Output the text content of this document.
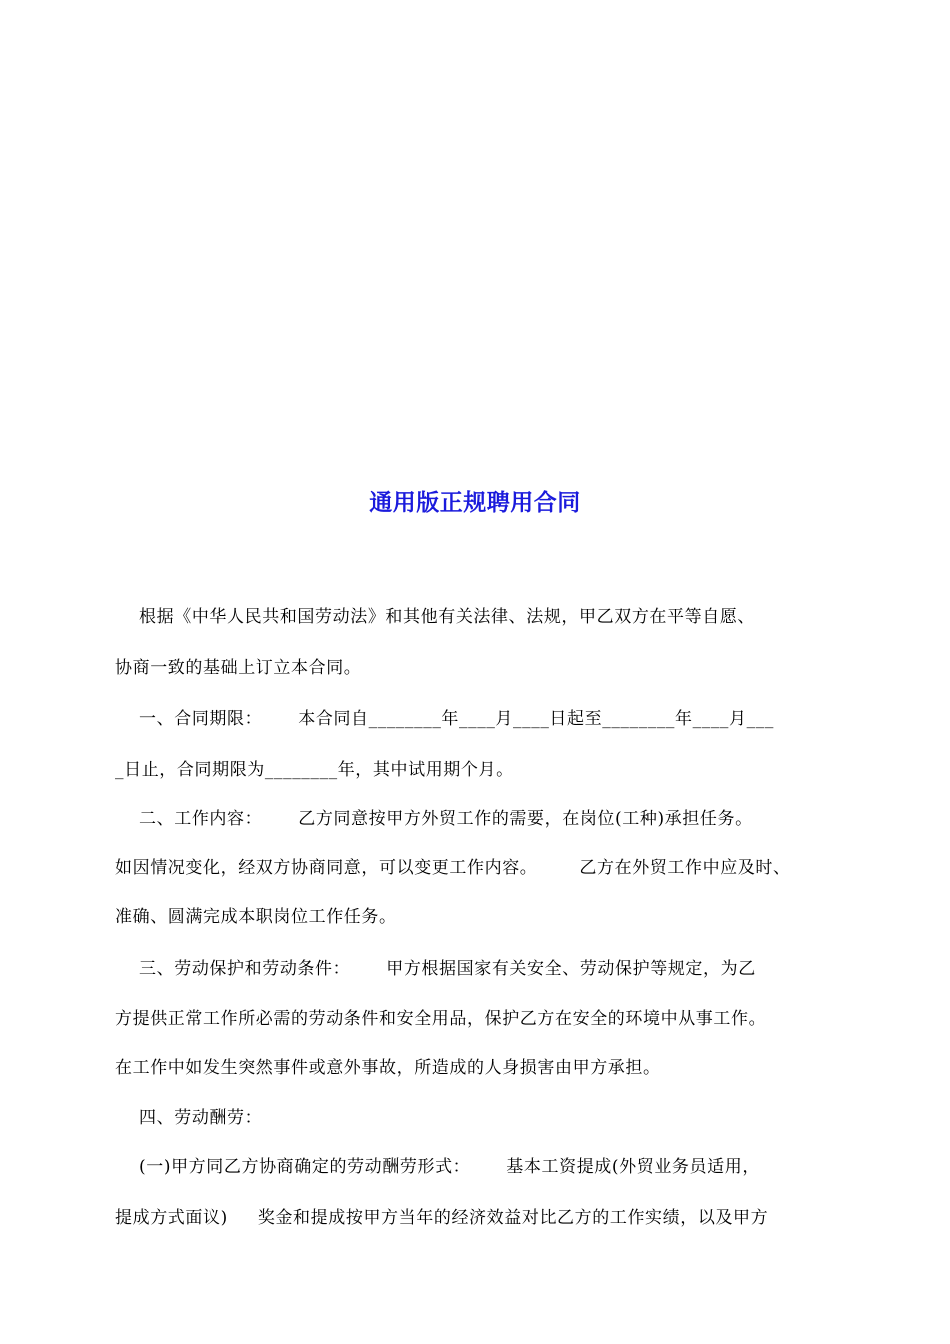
通用版正规聘用合同
根据《中华人民共和国劳动法》和其他有关法律、法规，甲乙双方在平等自愿、
协商一致的基础上订立本合同。
一、合同期限：      本合同自________年____月____日起至________年____月___
_日止，合同期限为________年，其中试用期个月。
二、工作内容：      乙方同意按甲方外贸工作的需要，在岗位(工种)承担任务。
如因情况变化，经双方协商同意，可以变更工作内容。       乙方在外贸工作中应及时、
准确、圆满完成本职岗位工作任务。
三、劳动保护和劳动条件：      甲方根据国家有关安全、劳动保护等规定，为乙
方提供正常工作所必需的劳动条件和安全用品，保护乙方在安全的环境中从事工作。
在工作中如发生突然事件或意外事故，所造成的人身损害由甲方承担。
四、劳动酬劳：
(一)甲方同乙方协商确定的劳动酬劳形式：      基本工资提成(外贸业务员适用，
提成方式面议)     奖金和提成按甲方当年的经济效益对比乙方的工作实绩，以及甲方
